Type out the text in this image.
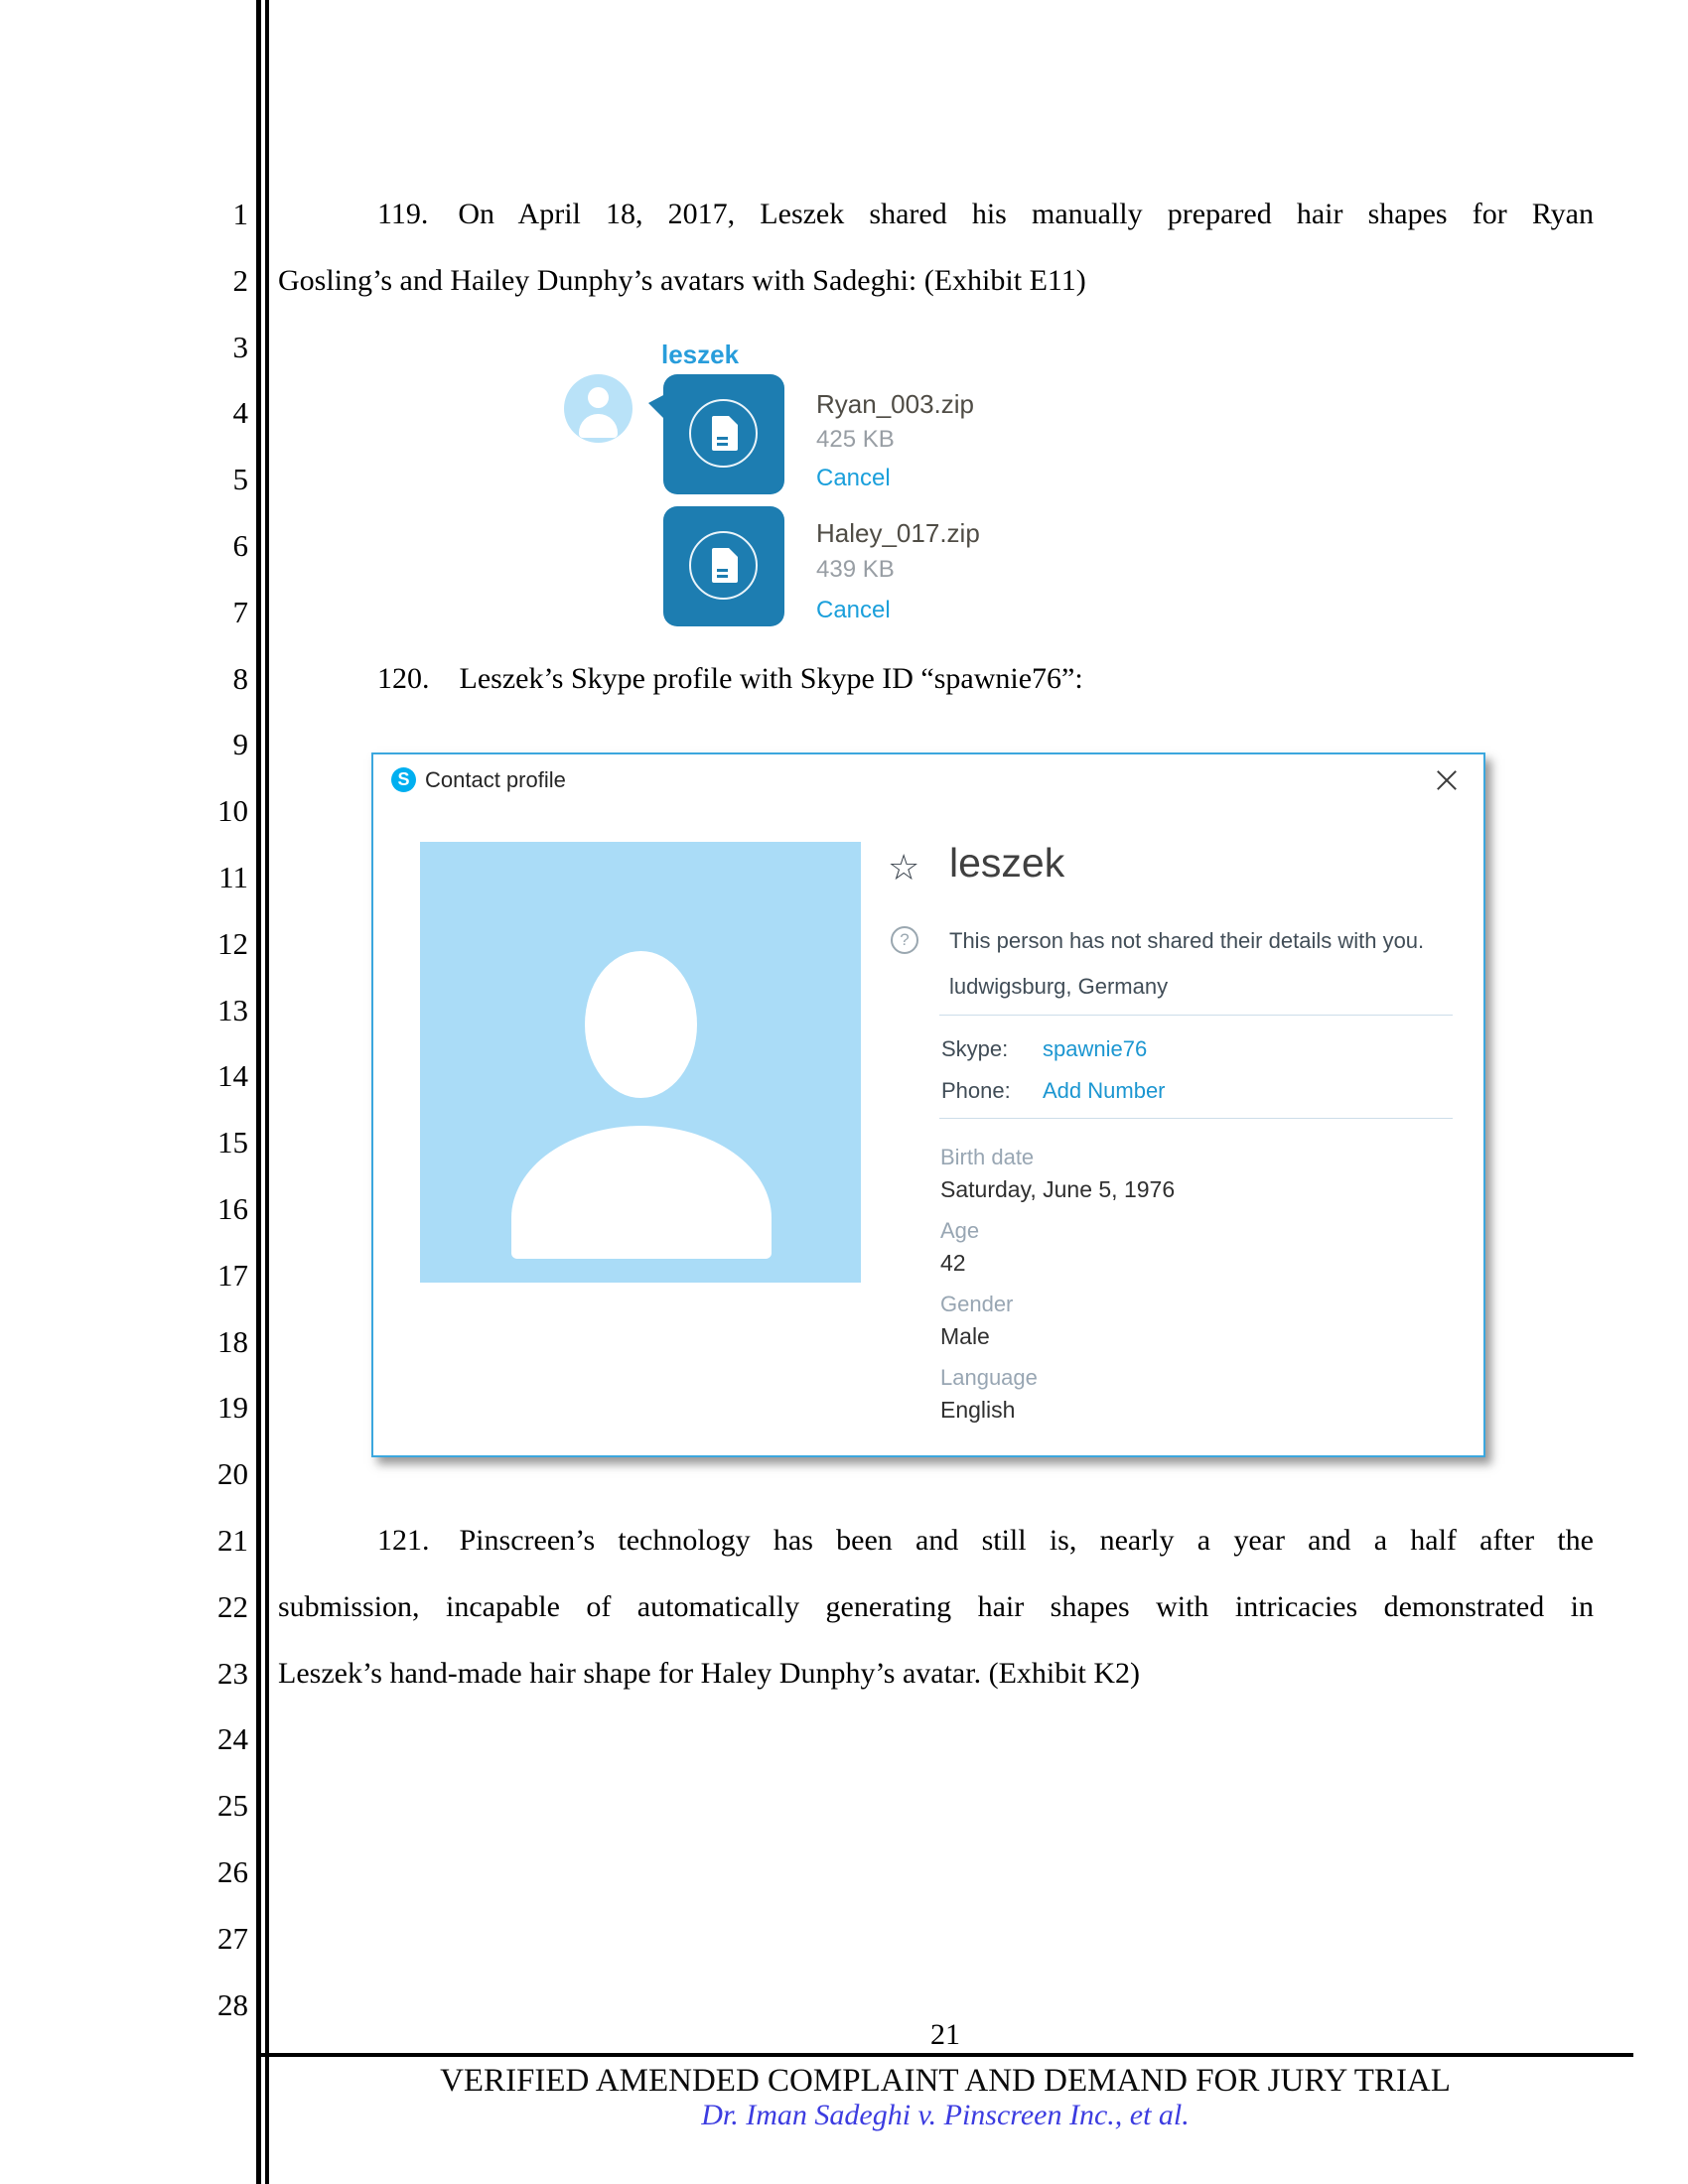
1
2
3
4
5
6
7
8
9
10
11
12
13
14
15
16
17
18
19
20
21
22
23
24
25
26
27
28
119. On April 18, 2017, Leszek shared his manually prepared hair shapes for Ryan
Gosling’s and Hailey Dunphy’s avatars with Sadeghi: (Exhibit E11)
leszek
Ryan_003.zip
425 KB
Cancel
Haley_017.zip
439 KB
Cancel
120. Leszek’s Skype profile with Skype ID “spawnie76”:
S Contact profile
☆ leszek
?	This person has not shared their details with you.
ludwigsburg, Germany
Skype: spawnie76
Phone: Add Number
Birth date
Saturday, June 5, 1976
Age
42
Gender
Male
Language
English
121. Pinscreen’s technology has been and still is, nearly a year and a half after the
submission, incapable of automatically generating hair shapes with intricacies demonstrated in
Leszek’s hand-made hair shape for Haley Dunphy’s avatar. (Exhibit K2)
21
VERIFIED AMENDED COMPLAINT AND DEMAND FOR JURY TRIAL
Dr. Iman Sadeghi v. Pinscreen Inc., et al.
